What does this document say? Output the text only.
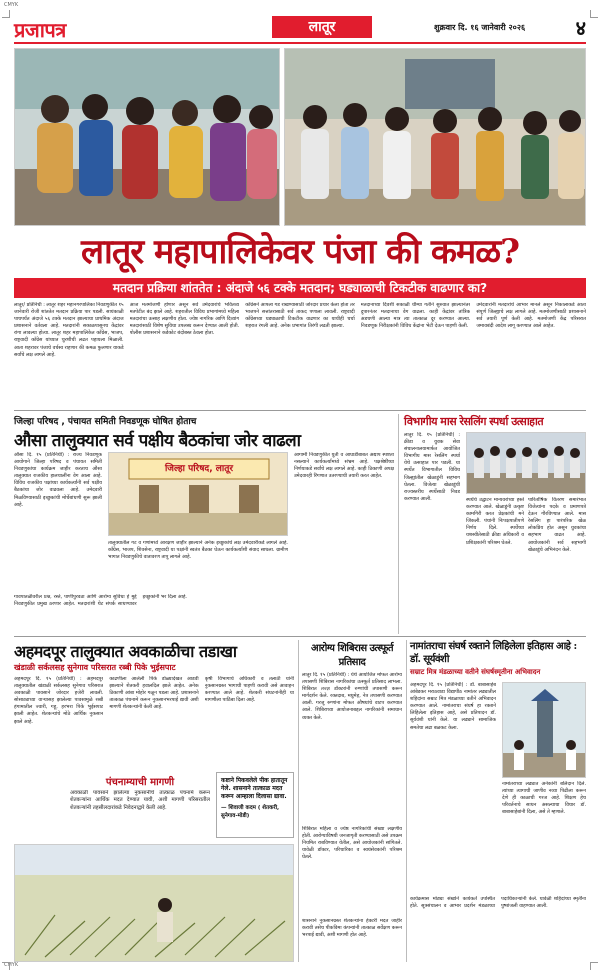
CMYK
CMYK
प्रजापत्र	लातूर	शुक्रवार दि. १६ जानेवारी २०२६	४
लातूर महापालिकेवर पंजा की कमळ?
मतदान प्रक्रिया शांततेत : अंदाजे ५६ टक्के मतदान; घड्याळाची टिकटीक वाढणार का?
लातूर/ प्रतिनिधी : लातूर शहर महानगरपालिका निवडणुकीत १५ जानेवारी रोजी शांततेत मतदान प्रक्रिया पार पडली. सायंकाळी पाचपर्यंत अंदाजे ५६ टक्के मतदान झाल्याचा प्राथमिक अंदाज प्रशासनाने वर्तवला आहे. मतदारांनी सकाळपासूनच केंद्रांवर रांगा लावल्या होत्या. लातूर शहर महापालिकेत काँग्रेस, भाजप, राष्ट्रवादी काँग्रेस यांच्यात चुरशीची लढत पहायला मिळाली. आता शहरावर पंजाचे वर्चस्व राहणार की कमळ फुलणार याकडे सर्वांचे लक्ष लागले आहे.
आज मतमोजणी होणार असून सर्व उमेदवारांचे भवितव्य मतपेटीत बंद झाले आहे. शहरातील विविध प्रभागांमध्ये महिला मतदारांचा उत्साह लक्षणीय होता. ज्येष्ठ नागरिक आणि दिव्यांग मतदारांसाठी विशेष सुविधा उपलब्ध करून देण्यात आली होती. पोलीस प्रशासनाने कडेकोट बंदोबस्त ठेवला होता.
काँग्रेसने आपला गड राखण्यासाठी जोरदार प्रचार केला होता तर भाजपने सत्तांतरासाठी सर्व ताकद पणाला लावली. राष्ट्रवादी काँग्रेसच्या घड्याळाची टिकटीक वाढणार का याचीही चर्चा शहरात रंगली आहे. अनेक प्रभागांत तिरंगी लढती झाल्या.
मतदानाच्या दिवशी सकाळी धीम्या गतीने सुरुवात झाल्यानंतर दुपारनंतर मतदानाचा वेग वाढला. काही केंद्रांवर तांत्रिक अडचणी आल्या मात्र त्या तात्काळ दूर करण्यात आल्या. निवडणूक निरीक्षकांनी विविध केंद्रांना भेटी देऊन पाहणी केली.
उमेदवारांनी मतदारांचे आभार मानले असून निकालाकडे आता संपूर्ण जिल्ह्याचे लक्ष लागले आहे. मतमोजणीसाठी प्रशासनाने सर्व तयारी पूर्ण केली आहे. मतमोजणी केंद्र परिसरात जमावबंदी आदेश लागू करण्यात आले आहेत.
जिल्हा परिषद , पंचायत समिती निवडणूक घोषित होताच
औसा तालुक्यात सर्व पक्षीय बैठकांचा जोर वाढला
औसा दि. १५ (प्रतिनिधी) : राज्य निवडणूक आयोगाने जिल्हा परिषद व पंचायत समिती निवडणुकांचा कार्यक्रम जाहीर करताच औसा तालुक्यात राजकीय हालचालींना वेग आला आहे. विविध राजकीय पक्षांच्या कार्यकर्त्यांनी सर्व पक्षीय बैठकांचा जोर वाढवला आहे. उमेदवारी मिळविण्यासाठी इच्छुकांची मोर्चेबांधणी सुरू झाली आहे.
जिल्हा परिषद, लातूर
तालुक्यातील गट व गणांमध्ये आरक्षण जाहीर झाल्याने अनेक इच्छुकांचे लक्ष उमेदवारीकडे लागले आहे. काँग्रेस, भाजप, शिवसेना, राष्ट्रवादी या पक्षांनी स्वतंत्र बैठका घेऊन कार्यकर्त्यांशी संवाद साधला. ग्रामीण भागात निवडणुकीचे वातावरण तापू लागले आहे.
आगामी निवडणुकीत युती व आघाडीबाबत अद्याप स्पष्टता नसल्याने कार्यकर्त्यांमध्ये संभ्रम आहे. पक्षश्रेष्ठींच्या निर्णयाकडे सर्वांचे लक्ष लागले आहे. काही ठिकाणी अपक्ष उमेदवारही रिंगणात उतरण्याची तयारी करत आहेत.
गावपातळीवरील प्रश्न, रस्ते, पाणीपुरवठा आणि आरोग्य सुविधा हे मुद्दे निवडणुकीत प्रमुख ठरणार आहेत. मतदारांशी थेट संपर्क साधण्यावर इच्छुकांनी भर दिला आहे.
विभागीय मास रेसलिंग स्पर्धा उत्साहात
लातूर दि. १५ (प्रतिनिधी) : क्रीडा व युवक सेवा संचालनालयामार्फत आयोजित विभागीय मास रेसलिंग स्पर्धा येथे उत्साहात पार पडली. या स्पर्धेत विभागातील विविध जिल्ह्यांतील खेळाडूंनी सहभाग घेतला. विजेत्या खेळाडूंची राज्यस्तरीय स्पर्धेसाठी निवड करण्यात आली.	स्पर्धेचे उद्घाटन मान्यवरांच्या हस्ते करण्यात आले. खेळाडूंनी उत्कृष्ट कामगिरी करत प्रेक्षकांची मने जिंकली. पंचांनी निःपक्षपातीपणे निर्णय दिले. स्पर्धेच्या यशस्वीतेसाठी क्रीडा अधिकारी व प्रशिक्षकांनी परिश्रम घेतले.
पारितोषिक वितरण समारंभात विजेत्यांना पदके व प्रमाणपत्रे देऊन गौरविण्यात आले. मास रेसलिंग हा पारंपरिक खेळ लोकप्रिय होत असून युवकांचा सहभाग वाढत आहे. आयोजकांनी सर्व सहभागी खेळाडूंचे अभिनंदन केले.
अहमदपूर तालुक्यात अवकाळीचा तडाखा
खंडाळी सर्कलसह सुनेगाव परिसरात रब्बी पिके भुईसपाट
अहमदपूर दि. १५ (प्रतिनिधी) : अहमदपूर तालुक्यातील खंडाळी सर्कलसह सुनेगाव परिसरात अवकाळी पावसाने जोरदार हजेरी लावली. सोसाट्याच्या वाऱ्यासह झालेल्या पावसामुळे रब्बी हंगामातील ज्वारी, गहू, हरभरा पिके भुईसपाट झाली आहेत. शेतकऱ्यांचे मोठे आर्थिक नुकसान झाले आहे.
काढणीला आलेली पिके डोळ्यादेखत आडवी झाल्याने शेतकरी हवालदिल झाले आहेत. अनेक ठिकाणी आंबा मोहोर गळून पडला आहे. प्रशासनाने तात्काळ पंचनामे करून नुकसानभरपाई द्यावी अशी मागणी शेतकऱ्यांनी केली आहे.
कृषी विभागाचे अधिकारी व तलाठी यांनी नुकसानग्रस्त भागाची पाहणी करावी असे आवाहन करण्यात आले आहे. शेतकरी संघटनांनीही या मागणीला पाठिंबा दिला आहे.
पंचनाम्याची मागणी
अवकाळी पावसाने झालेल्या नुकसानीचे तात्काळ पंचनामे करून शेतकऱ्यांना आर्थिक मदत देण्यात यावी, अशी मागणी परिसरातील शेतकऱ्यांनी तहसीलदारांकडे निवेदनाद्वारे केली आहे.
कष्टाने पिकवलेले पीक हातातून गेले. शासनाने तात्काळ मदत करून आम्हाला दिलासा द्यावा.
— शिवाजी कदम ( शेतकरी, सुनेगाव-मोडी)
आरोग्य शिबिरास उत्स्फूर्त प्रतिसाद
लातूर दि. १५ (प्रतिनिधी) : येथे आयोजित मोफत आरोग्य तपासणी शिबिरास नागरिकांचा उत्स्फूर्त प्रतिसाद लाभला. शिबिरात तज्ज्ञ डॉक्टरांनी रुग्णांची तपासणी करून मार्गदर्शन केले. रक्तदाब, मधुमेह, नेत्र तपासणी करण्यात आली. गरजू रुग्णांना मोफत औषधांचे वाटप करण्यात आले. शिबिराच्या आयोजनाबद्दल नागरिकांनी समाधान व्यक्त केले.
शिबिरात महिला व ज्येष्ठ नागरिकांची संख्या लक्षणीय होती. आरोग्याविषयी जनजागृती करण्यासाठी असे उपक्रम नियमित राबविण्यात येतील, असे आयोजकांनी सांगितले. यावेळी डॉक्टर, परिचारिका व स्वयंसेवकांनी परिश्रम घेतले.
शासनाने नुकसानग्रस्त शेतकऱ्यांना हेक्टरी मदत जाहीर करावी तसेच पीकविमा कंपन्यांनी तात्काळ सर्वेक्षण करून भरपाई द्यावी, अशी मागणी होत आहे.
नामांतराचा संघर्ष रक्ताने लिहिलेला इतिहास आहे : डॉ. सूर्यवंशी
सम्राट मित्र मंडळाच्या वतीने संघर्षस्मृतीना अभिवादन
अहमदपूर दि. १५ (प्रतिनिधी) : डॉ. बाबासाहेब आंबेडकर मराठवाडा विद्यापीठ नामांतर लढ्यातील शहिदांना सम्राट मित्र मंडळाच्या वतीने अभिवादन करण्यात आले. नामांतराचा संघर्ष हा रक्ताने लिहिलेला इतिहास आहे, असे प्रतिपादन डॉ. सूर्यवंशी यांनी केले. या लढ्याने सामाजिक समतेचा लढा बळकट केला.
नामांतराच्या लढ्यात अनेकांनी बलिदान दिले. त्यांच्या त्यागाची जाणीव नव्या पिढीला करून देणे ही काळाची गरज आहे. शिक्षण हेच परिवर्तनाचे साधन असल्याचा विचार डॉ. बाबासाहेबांनी दिला, असे ते म्हणाले.
कार्यक्रमास मोठ्या संख्येने कार्यकर्ते उपस्थित होते. सूत्रसंचालन व आभार प्रदर्शन मंडळाच्या पदाधिकाऱ्यांनी केले. यावेळी शहिदांच्या स्मृतींना पुष्पांजली वाहण्यात आली.
